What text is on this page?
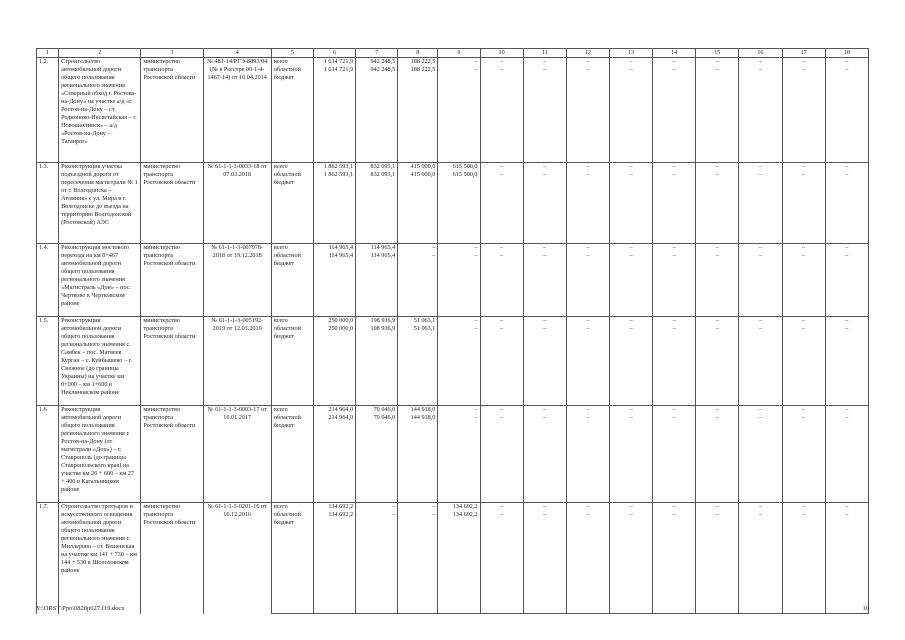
1	2	3	4	5	6	7	8	9	10	11	12	13	14	15	16	17	18
1.2.	Строительство автомобильной дороги общего пользования регионального значения «Северный обход г. Ростова-на-Дону» на участке а/д «г. Ростов-на-Дону – ст. Родионово-Несветайская – г. Новошахтинск» – а/д «Ростов-на-Дону – Таганрог»	министерство транспорта Ростовской области	№ 481-14/РГЭ-8893/04 (№ в Реестре 00-1-4-1467-14) от 10.04.2014	всего	1 614 721,9	942 248,5	188 222,5	–	–	–	–	–	–	–	–	–	–
				областной бюджет	1 614 721,9	942 248,5	188 222,5	–	–	–	–	–	–	–	–	–	–
1.3.	Реконструкция участка подъездной дороги от пересечения магистрали № 1 от г. Волгодонска – Атоминя» с ул. Мира в г. Волгодонске до въезда на территорию Волгодонской (Ростовской) АЭС	министерство транспорта Ростовской области	№ 61-1-1-3-0033-18 от 07.03.2018	всего	1 862 593,1	832 093,1	415 000,0	615 500,0	–	–	–	–	–	–	–	–	–
				областной бюджет	1 862 593,1	832 093,1	415 000,0	615 500,0	–	–	–	–	–	–	–	–	–
1.4.	Реконструкция мостового перехода на км 8+467 автомобильной дороги общего пользования регионального значения «Магистраль «Дон» – пос. Чертково в Чертковском районе	министерство транспорта Ростовской области	№ 61-1-1-3-007978-2018 от 19.12.2018	всего	114 965,4	114 965,4	–	–	–	–	–	–	–	–	–	–	–
				областной бюджет	114 965,4	114 965,4	–	–	–	–	–	–	–	–	–	–	–
1.5.	Реконструкция автомобильной дороги общего пользования регионального значения с. Самбек – пос. Матвеев Курган – с. Куйбышево – г. Снежное (до границы Украины) на участке км 0+000 – км 1+600 в Неклиновском районе	министерство транспорта Ростовской области	№ 61-1-1-3-005192-2019 от 12.03.2019	всего	250 000,0	198 936,9	51 063,1	–	–	–	–	–	–	–	–	–	–
				областной бюджет	250 000,0	198 936,9	51 063,1	–	–	–	–	–	–	–	–	–	–
1.6	Реконструкция автомобильной дороги общего пользования регионального значения г. Ростов-на-Дону (от магистрали «Дон») – г. Ставрополь (до границы Ставропольского края) на участке км 26 + 600 – км 27 + 400 в Кагальницком районе	министерство транспорта Ростовской области	№ 61-1-1-3-0003-17 от 16.01.2017	всего	214 964,0	70 046,0	144 918,0	–	–	–	–	–	–	–	–	–	–
				областной бюджет	214 964,0	70 046,0	144 918,0	–	–	–	–	–	–	–	–	–	–
1.7.	Строительство тротуаров и искусственного освещения автомобильной дороги общего пользования регионального значения г. Миллерово – ст. Вешенская на участке км 141 + 730 – км 144 + 530 в Шолоховском районе	министерство транспорта Ростовской области	№ 61-1-1-3-0201-16 от 16.12.2016	всего	134 692,2	–	–	134 692,2	–	–	–	–	–	–	–	–	–
				областной бюджет	134 692,2	–	–	134 692,2	–	–	–	–	–	–	–	–	–
Y:\ORST\Ppo\0828p627.f19.docx	10
